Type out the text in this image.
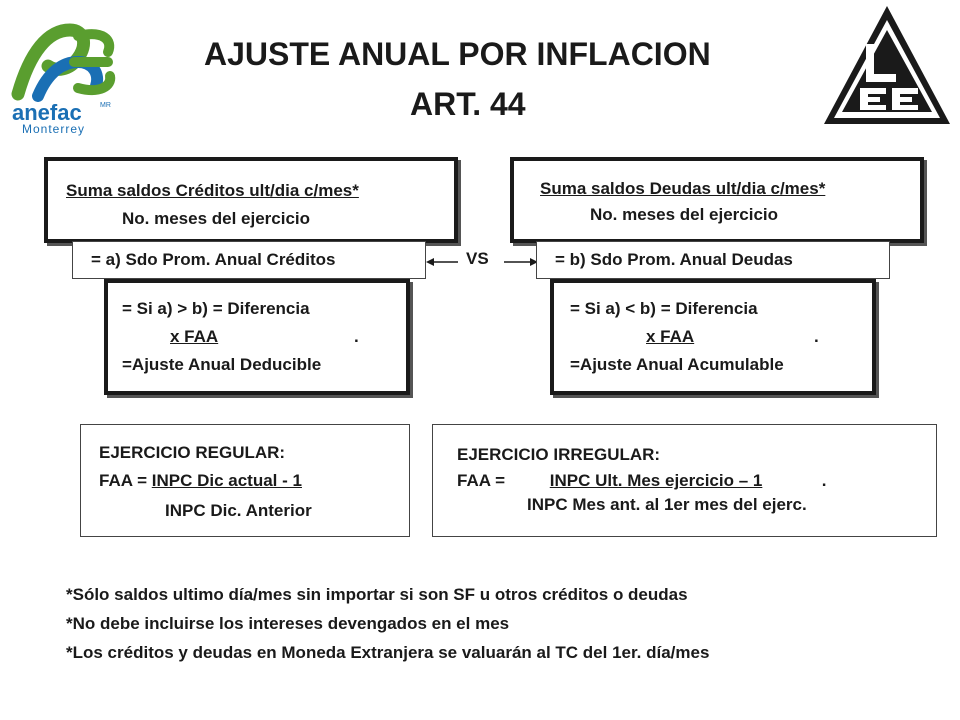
anefac	MR
Monterrey
AJUSTE ANUAL POR INFLACION
ART. 44
Suma saldos Créditos ult/dia c/mes*
No. meses del ejercicio
= a) Sdo Prom. Anual Créditos
= Si a) > b) = Diferencia
x FAA	.
=Ajuste Anual Deducible
VS
Suma saldos Deudas ult/dia c/mes*
No. meses del ejercicio
= b) Sdo Prom. Anual Deudas
= Si a) < b) = Diferencia
x FAA	.
=Ajuste Anual Acumulable
EJERCICIO REGULAR:
FAA = INPC Dic actual - 1
INPC Dic. Anterior
EJERCICIO IRREGULAR:
FAA = INPC Ult. Mes ejercicio – 1	.
INPC Mes ant. al 1er mes del ejerc.
*Sólo saldos ultimo día/mes sin importar si son SF u otros créditos o deudas
*No debe incluirse los intereses devengados en el mes
*Los créditos y deudas en Moneda Extranjera se valuarán al TC del 1er. día/mes
